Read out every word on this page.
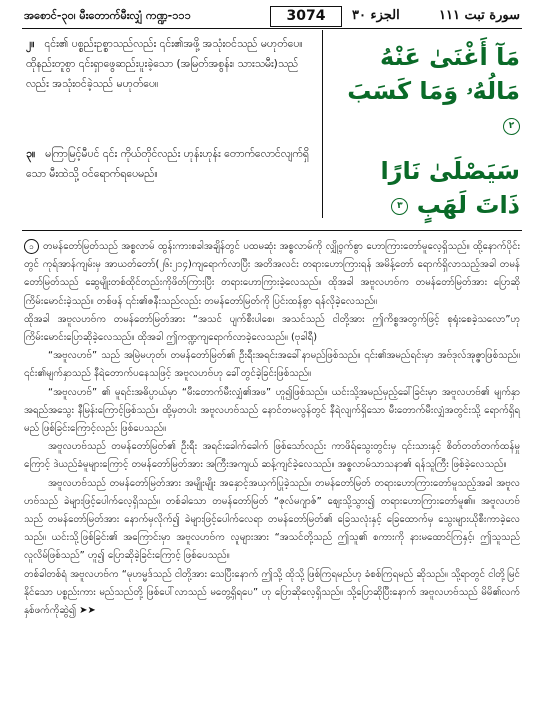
အစောင်-၃၀၊ မီးတောက်မီးလျှံ ကဏ္ဍ-၁၁၁	3074	الجزء ٣٠	سورة تبت ١١١
၂။ ၎င်း၏ ပစ္စည်းဥစ္စာသည်လည်း ၎င်း၏အဖို့ အသုံးဝင်သည် မဟုတ်ပေ။ ထိုနည်းတူစွာ ၎င်းရှာဖွေဆည်းပူးခဲ့သော (အမြတ်အစွန်း၊ သားသမီး)သည်လည်း အသုံးဝင်ခဲ့သည် မဟုတ်ပေ။
مَآ أَغْنَىٰ عَنْهُ مَالُهُۥ وَمَا كَسَبَ ٢
၃။ မကြာမြင့်မီပင် ၎င်း ကိုယ်တိုင်လည်း ဟုန်းဟုန်း တောက်လောင်လျက်ရှိသော မီးထဲသို့ ဝင်ရောက်ရပေမည်။	سَيَصْلَىٰ نَارًا ذَاتَ لَهَبٍ ٣

၁ တမန်တော်မြတ်သည် အစ္စလာမ် ထွန်းကားစခါအချိန်တွင် ပထမဆုံး အစ္စလာမ်ကို လျှို့ဝှက်စွာ ဟောကြားတော်မူလေ့ရှိသည်။ ထို့နောက်ပိုင်းတွင် ကုရ်အာန်ကျမ်းမှ အာယတ်တော်(၂၆း၂၁၄)ကျရောက်လာပြီး အတိအလင်း တရားဟောကြားရန် အမိန့်တော် ရောက်ရှိလာသည့်အခါ တမန်တော်မြတ်သည် ဆွေမျိုးတစ်ထိုင်တည်းကိုဖိတ်ကြားပြီး တရားဟောကြားခဲ့လေသည်။ ထိုအခါ အဗူလဟဗ်က တမန်တော်မြတ်အား ပြောဆိုကြိမ်းမောင်းခဲ့သည်။ တစ်ဖန် ၎င်း၏ဇနီးသည်လည်း တမန်တော်မြတ်ကို ပြင်းထန်စွာ ရန်လိုခဲ့လေသည်။

ထိုအခါ အဗူလဟဗ်က တမန်တော်မြတ်အား “အသင် ပျက်စီးပါစေ၊ အသင်သည် ငါတို့အား ဤကိစ္စအတွက်ဖြင့် စုရုံးစေခဲ့သလော”ဟု ကြိမ်းမောင်းပြောဆိုခဲ့လေသည်။ ထိုအခါ ဤကဏ္ဍကျရောက်လာခဲ့လေသည်။ (ဗုခါရီ)

“အဗူလဟဗ်” သည် အမြဲမဟုတ်၊ တမန်တော်မြတ်၏ ဦးရီးအရင်းအခေါ်နာမည်ဖြစ်သည်။ ၎င်း၏အမည်ရင်းမှာ အဗ်ဒုလ်အုဇ္ဇာဖြစ်သည်။ ၎င်း၏မျက်နှာသည် နီရဲတောက်ပနေသဖြင့် အဗူလဟဗ်ဟု ခေါ်တွင်ခဲ့ခြင်းဖြစ်သည်။

“အဗူလဟဗ်” ၏ မူရင်းအဓိပ္ပာယ်မှာ “မီးတောက်မီးလျှံ၏အဖ” ဟူ၍ဖြစ်သည်။ ယင်းသို့အမည်မှည့်ခေါ်ခြင်းမှာ အဗူလဟဗ်၏ မျက်နှာအရည်အသွေး နီမြန်းကြောင့်ဖြစ်သည်။ ထို့မှတပါး အဗူလဟဗ်သည် နောင်တမလွန်တွင် နီရဲလျက်ရှိသော မီးတောက်မီးလျှံအတွင်းသို့ ရောက်ရှိရမည် ဖြစ်ခြင်းကြောင့်လည်း ဖြစ်ပေသည်။

အဗူလဟဗ်သည် တမန်တော်မြတ်၏ ဦးရီး အရင်းခေါက်ခေါက် ဖြစ်သော်လည်း ကာဖိရ်သွေးတွင်းမှ ၎င်းသားနှင့် စိတ်တတ်တက်ထန်မှုကြောင့် ဒဲယည်ခံမူများကြောင့် တမန်တော်မြတ်အား အကြီးအကျယ် ဆန့်ကျင်ခဲ့လေသည်။ အစ္စလာမ်သာသနာ၏ ရန်သူကြီး ဖြစ်ခဲ့လေသည်။

အဗူလဟဗ်သည် တမန်တော်မြတ်အား အမျိုးမျိုး အနှောင့်အယှက်ပြုခဲ့သည်။ တမန်တော်မြတ် တရားဟောကြားတော်မူသည့်အခါ အဗူလဟဗ်သည် ခဲများဖြင့်ပေါက်လေ့ရှိသည်။ တစ်ခါသော တမန်တော်မြတ် “ဇုလ်မဂျာဇ်” ဈေးသို့သွား၍ တရားဟောကြားတော်မူ၏။ အဗူလဟဗ်သည် တမန်တော်မြတ်အား နောက်မှလိုက်၍ ခဲများဖြင့်ပေါက်လေရာ တမန်တော်မြတ်၏ ခြေသလုံးနှင့် ခြေထောက်မှ သွေးများယိုစီးကာခဲ့လေသည်။ ယင်းသို့ဖြစ်ခြင်း၏ အကြောင်းမှာ အဗူလဟဗ်က လူများအား “အသင်တို့သည် ဤသူ၏ စကားကို နားမထောင်ကြနှင့်၊ ဤသူသည် လူလိမ်ဖြစ်သည်” ဟူ၍ ပြောဆိုခဲ့ခြင်းကြောင့် ဖြစ်ပေသည်။

တစ်ခါတစ်ရံ အဗူလဟဗ်က “မုဟမ္မဒ်သည် ငါတို့အား သေပြီးနောက် ဤသို့ ထိုသို့ ဖြစ်ကြရမည်ဟု ခံစစ်ကြရမည် ဆိုသည်။ သို့ရာတွင် ငါတို့မြင်နိုင်သော ပစ္စည်းကား မည်သည်တို့ ဖြစ်ပေါ်လာသည် မတွေ့ရှိရပေ” ဟု ပြောဆိုလေ့ရှိသည်။ သို့ပြောဆိုပြီးနောက် အဗူလဟဗ်သည် မိမိ၏လက်နှစ်ဖက်ကိုဆွဲ၍ ➤➤
